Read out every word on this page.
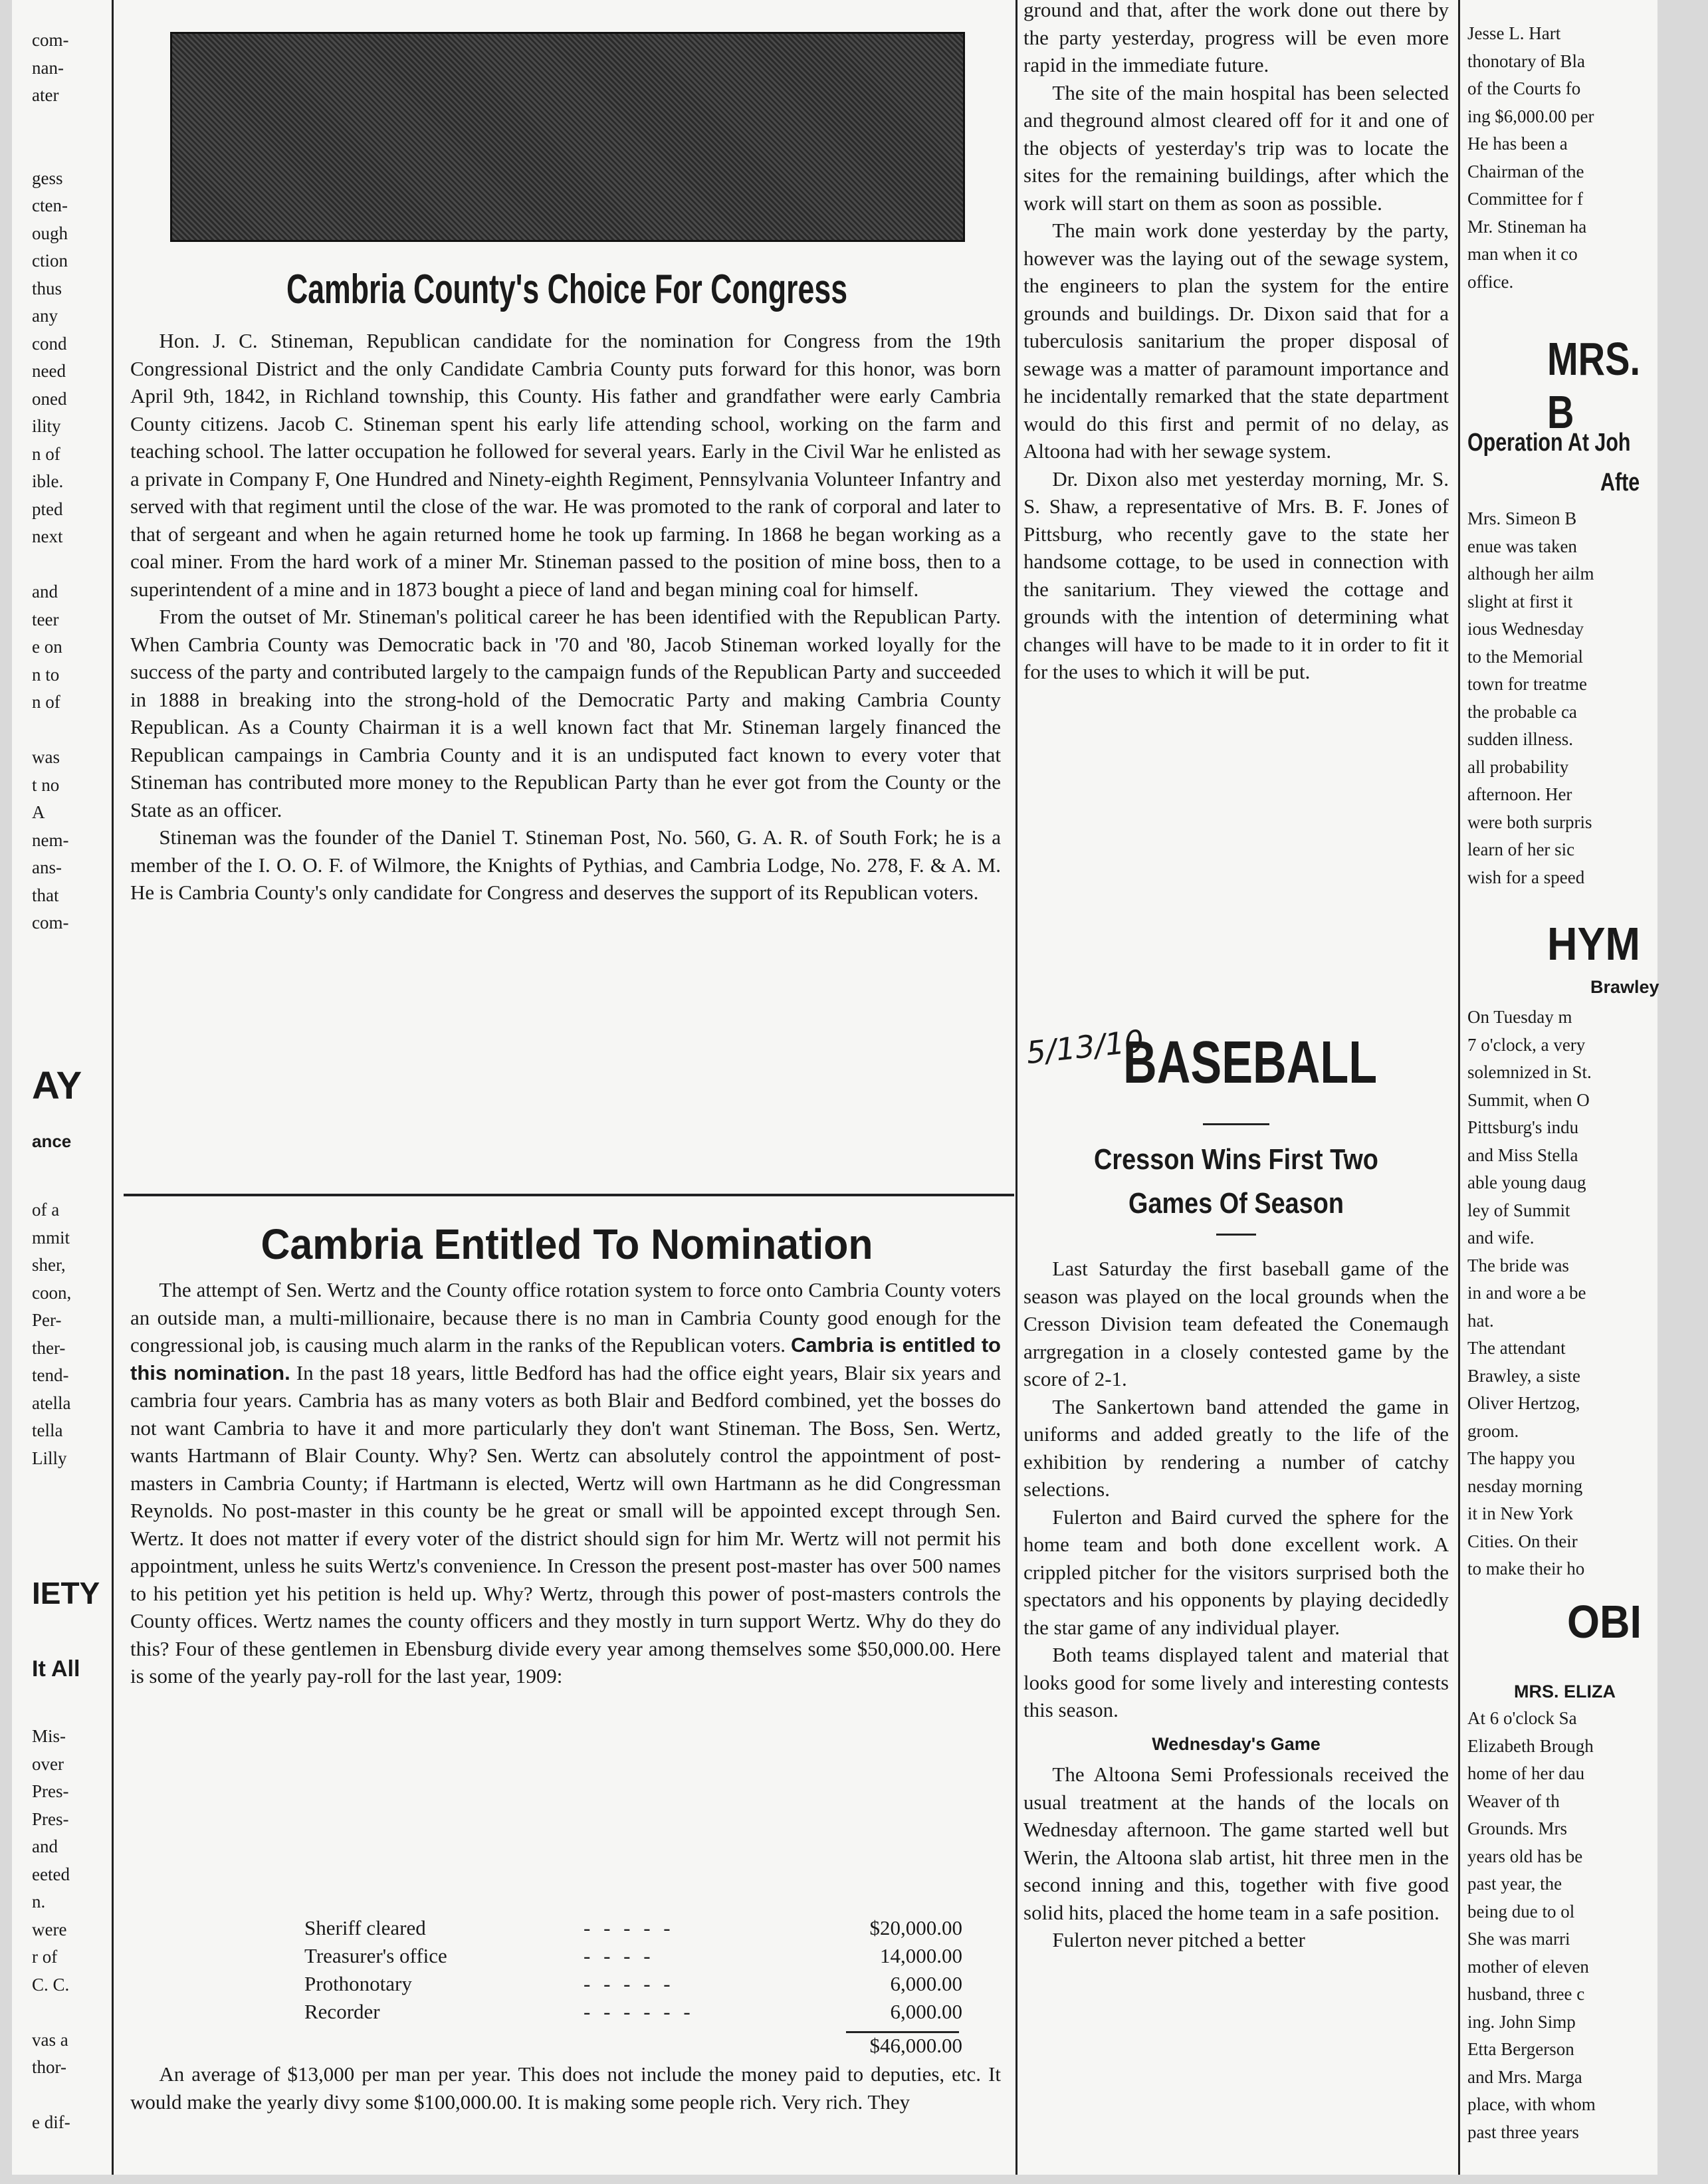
com-
nan-
ater
gess
cten-
ough
ction
thus
any
cond
need
oned
ility
n of
ible.
pted
next
and
teer
e on
n to
n of
was
t no
A
nem-
ans-
that
com-
AY
ance
of a
mmit
sher,
coon,
Per-
ther-
tend-
atella
tella
Lilly
IETY
It All
Mis-
over
Pres-
Pres-
and
eeted
n.
were
r of
C. C.
vas a
thor-
e dif-
Cambria County's Choice For Congress

Hon. J. C. Stineman, Republican candidate for the nomination for Congress from the 19th Congressional District and the only Candidate Cambria County puts forward for this honor, was born April 9th, 1842, in Richland township, this County. His father and grandfather were early Cambria County citizens. Jacob C. Stineman spent his early life attending school, working on the farm and teaching school. The latter occupation he followed for several years. Early in the Civil War he enlisted as a private in Company F, One Hundred and Ninety-eighth Regiment, Pennsylvania Volunteer Infantry and served with that regiment until the close of the war. He was promoted to the rank of corporal and later to that of sergeant and when he again returned home he took up farming. In 1868 he began working as a coal miner. From the hard work of a miner Mr. Stineman passed to the position of mine boss, then to a superintendent of a mine and in 1873 bought a piece of land and began mining coal for himself.

From the outset of Mr. Stineman's political career he has been identified with the Republican Party. When Cambria County was Democratic back in '70 and '80, Jacob Stineman worked loyally for the success of the party and contributed largely to the campaign funds of the Republican Party and succeeded in 1888 in breaking into the strong-hold of the Democratic Party and making Cambria County Republican. As a County Chairman it is a well known fact that Mr. Stineman largely financed the Republican campaings in Cambria County and it is an undisputed fact known to every voter that Stineman has contributed more money to the Republican Party than he ever got from the County or the State as an officer.

Stineman was the founder of the Daniel T. Stineman Post, No. 560, G. A. R. of South Fork; he is a member of the I. O. O. F. of Wilmore, the Knights of Pythias, and Cambria Lodge, No. 278, F. & A. M. He is Cambria County's only candidate for Congress and deserves the support of its Republican voters.

Cambria Entitled To Nomination

The attempt of Sen. Wertz and the County office rotation system to force onto Cambria County voters an outside man, a multi-millionaire, because there is no man in Cambria County good enough for the congressional job, is causing much alarm in the ranks of the Republican voters. Cambria is entitled to this nomination. In the past 18 years, little Bedford has had the office eight years, Blair six years and cambria four years. Cambria has as many voters as both Blair and Bedford combined, yet the bosses do not want Cambria to have it and more particularly they don't want Stineman. The Boss, Sen. Wertz, wants Hartmann of Blair County. Why? Sen. Wertz can absolutely control the appointment of post-masters in Cambria County; if Hartmann is elected, Wertz will own Hartmann as he did Congressman Reynolds. No post-master in this county be he great or small will be appointed except through Sen. Wertz. It does not matter if every voter of the district should sign for him Mr. Wertz will not permit his appointment, unless he suits Wertz's convenience. In Cresson the present post-master has over 500 names to his petition yet his petition is held up. Why? Wertz, through this power of post-masters controls the County offices. Wertz names the county officers and they mostly in turn support Wertz. Why do they do this? Four of these gentlemen in Ebensburg divide every year among themselves some $50,000.00. Here is some of the yearly pay-roll for the last year, 1909:

Sheriff cleared	- - - - -	$20,000.00
Treasurer's office	- - - -	14,000.00
Prothonotary	- - - - -	6,000.00
Recorder	- - - - - -	6,000.00
$46,000.00

An average of $13,000 per man per year. This does not include the money paid to deputies, etc. It would make the yearly divy some $100,000.00. It is making some people rich. Very rich. They

ground and that, after the work done out there by the party yesterday, progress will be even more rapid in the immediate future.

The site of the main hospital has been selected and theground almost cleared off for it and one of the objects of yesterday's trip was to locate the sites for the remaining buildings, after which the work will start on them as soon as possible.

The main work done yesterday by the party, however was the laying out of the sewage system, the engineers to plan the system for the entire grounds and buildings. Dr. Dixon said that for a tuberculosis sanitarium the proper disposal of sewage was a matter of paramount importance and he incidentally remarked that the state department would do this first and permit of no delay, as Altoona had with her sewage system.

Dr. Dixon also met yesterday morning, Mr. S. S. Shaw, a representative of Mrs. B. F. Jones of Pittsburg, who recently gave to the state her handsome cottage, to be used in connection with the sanitarium. They viewed the cottage and grounds with the intention of determining what changes will have to be made to it in order to fit it for the uses to which it will be put.

5/13/10
BASEBALL
Cresson Wins First Two Games Of Season

Last Saturday the first baseball game of the season was played on the local grounds when the Cresson Division team defeated the Conemaugh arrgregation in a closely contested game by the score of 2-1.

The Sankertown band attended the game in uniforms and added greatly to the life of the exhibition by rendering a number of catchy selections.

Fulerton and Baird curved the sphere for the home team and both done excellent work. A crippled pitcher for the visitors surprised both the spectators and his opponents by playing decidedly the star game of any individual player.

Both teams displayed talent and material that looks good for some lively and interesting contests this season.

Wednesday's Game

The Altoona Semi Professionals received the usual treatment at the hands of the locals on Wednesday afternoon. The game started well but Werin, the Altoona slab artist, hit three men in the second inning and this, together with five good solid hits, placed the home team in a safe position.

Fulerton never pitched a better

Jesse L. Hart
thonotary of Bla
of the Courts fo
ing $6,000.00 per
He has been a
Chairman of the
Committee for f
Mr. Stineman ha
man when it co
office.
MRS. B
Operation At Joh
Afte
Mrs. Simeon B
enue was taken
although her ailm
slight at first it
ious Wednesday
to the Memorial
town for treatme
the probable ca
sudden illness.
all probability
afternoon. Her
were both surpris
learn of her sic
wish for a speed
HYM
Brawley
On Tuesday m
7 o'clock, a very
solemnized in St.
Summit, when O
Pittsburg's indu
and Miss Stella
able young daug
ley of Summit
and wife.
The bride was
in and wore a be
hat.
The attendant
Brawley, a siste
Oliver Hertzog,
groom.
The happy you
nesday morning
it in New York
Cities. On their
to make their ho
OBI
MRS. ELIZA
At 6 o'clock Sa
Elizabeth Brough
home of her dau
Weaver of th
Grounds. Mrs
years old has be
past year, the
being due to ol
She was marri
mother of eleven
husband, three c
ing. John Simp
Etta Bergerson
and Mrs. Marga
place, with whom
past three years
